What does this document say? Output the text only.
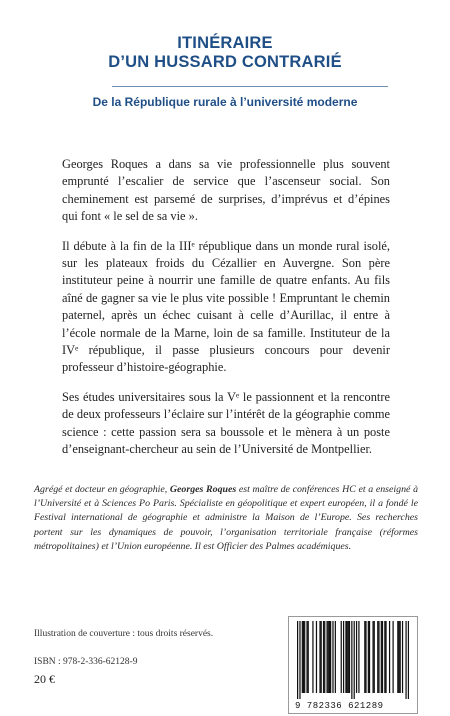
ITINÉRAIRE
D’UN HUSSARD CONTRARIÉ
De la République rurale à l’université moderne

Georges Roques a dans sa vie professionnelle plus souvent emprunté l’escalier de service que l’ascenseur social. Son cheminement est parsemé de surprises, d’imprévus et d’épines qui font « le sel de sa vie ».

Il débute à la fin de la IIIᵉ république dans un monde rural isolé, sur les plateaux froids du Cézallier en Auvergne. Son père instituteur peine à nourrir une famille de quatre enfants. Au fils aîné de gagner sa vie le plus vite possible ! Empruntant le chemin paternel, après un échec cuisant à celle d’Aurillac, il entre à l’école normale de la Marne, loin de sa famille. Instituteur de la IVᵉ république, il passe plusieurs concours pour devenir professeur d’histoire-géographie.

Ses études universitaires sous la Vᵉ le passionnent et la rencontre de deux professeurs l’éclaire sur l’intérêt de la géographie comme science : cette passion sera sa boussole et le mènera à un poste d’enseignant-chercheur au sein de l’Université de Montpellier.

Agrégé et docteur en géographie, Georges Roques est maître de conférences HC et a enseigné à l’Université et à Sciences Po Paris. Spécialiste en géopolitique et expert européen, il a fondé le Festival international de géographie et administre la Maison de l’Europe. Ses recherches portent sur les dynamiques de pouvoir, l’organisation territoriale française (réformes métropolitaines) et l’Union européenne. Il est Officier des Palmes académiques.
Illustration de couverture : tous droits réservés.
ISBN : 978-2-336-62128-9
20 €
9 782336 621289
